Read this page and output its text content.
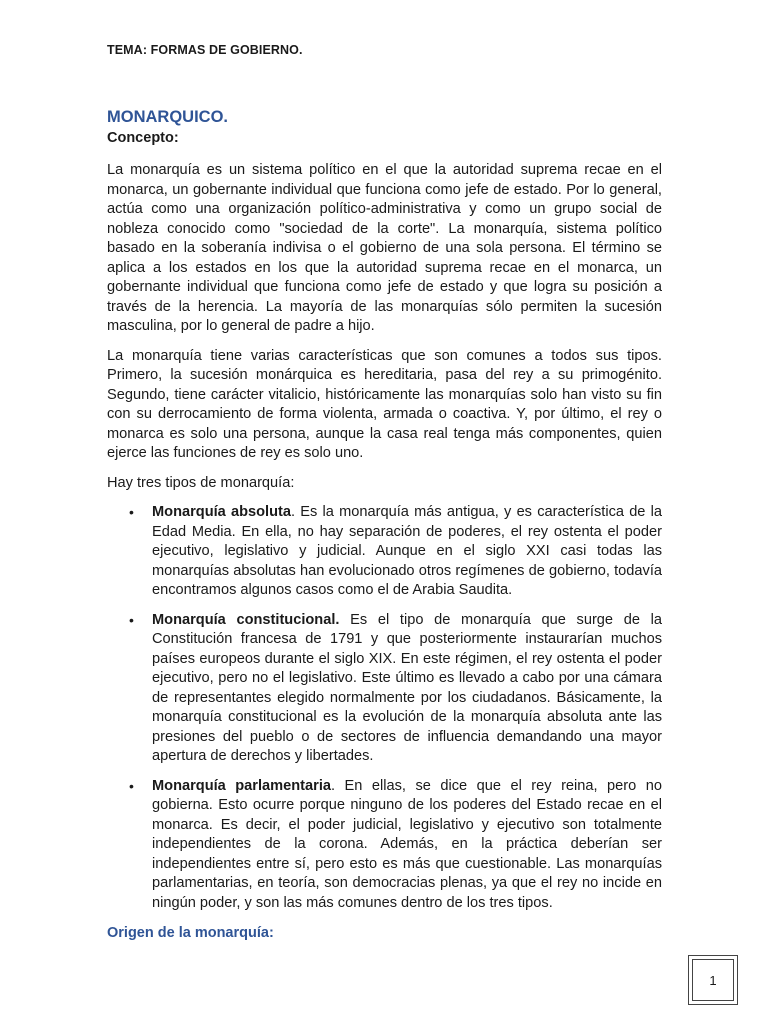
TEMA: FORMAS DE GOBIERNO.
MONARQUICO.
Concepto:

La monarquía es un sistema político en el que la autoridad suprema recae en el monarca, un gobernante individual que funciona como jefe de estado. Por lo general, actúa como una organización político-administrativa y como un grupo social de nobleza conocido como "sociedad de la corte". La monarquía, sistema político basado en la soberanía indivisa o el gobierno de una sola persona. El término se aplica a los estados en los que la autoridad suprema recae en el monarca, un gobernante individual que funciona como jefe de estado y que logra su posición a través de la herencia. La mayoría de las monarquías sólo permiten la sucesión masculina, por lo general de padre a hijo.

La monarquía tiene varias características que son comunes a todos sus tipos. Primero, la sucesión monárquica es hereditaria, pasa del rey a su primogénito. Segundo, tiene carácter vitalicio, históricamente las monarquías solo han visto su fin con su derrocamiento de forma violenta, armada o coactiva. Y, por último, el rey o monarca es solo una persona, aunque la casa real tenga más componentes, quien ejerce las funciones de rey es solo uno.

Hay tres tipos de monarquía:

• Monarquía absoluta. Es la monarquía más antigua, y es característica de la Edad Media. En ella, no hay separación de poderes, el rey ostenta el poder ejecutivo, legislativo y judicial. Aunque en el siglo XXI casi todas las monarquías absolutas han evolucionado otros regímenes de gobierno, todavía encontramos algunos casos como el de Arabia Saudita.
• Monarquía constitucional. Es el tipo de monarquía que surge de la Constitución francesa de 1791 y que posteriormente instaurarían muchos países europeos durante el siglo XIX. En este régimen, el rey ostenta el poder ejecutivo, pero no el legislativo. Este último es llevado a cabo por una cámara de representantes elegido normalmente por los ciudadanos. Básicamente, la monarquía constitucional es la evolución de la monarquía absoluta ante las presiones del pueblo o de sectores de influencia demandando una mayor apertura de derechos y libertades.
• Monarquía parlamentaria. En ellas, se dice que el rey reina, pero no gobierna. Esto ocurre porque ninguno de los poderes del Estado recae en el monarca. Es decir, el poder judicial, legislativo y ejecutivo son totalmente independientes de la corona. Además, en la práctica deberían ser independientes entre sí, pero esto es más que cuestionable. Las monarquías parlamentarias, en teoría, son democracias plenas, ya que el rey no incide en ningún poder, y son las más comunes dentro de los tres tipos.
Origen de la monarquía:
1
